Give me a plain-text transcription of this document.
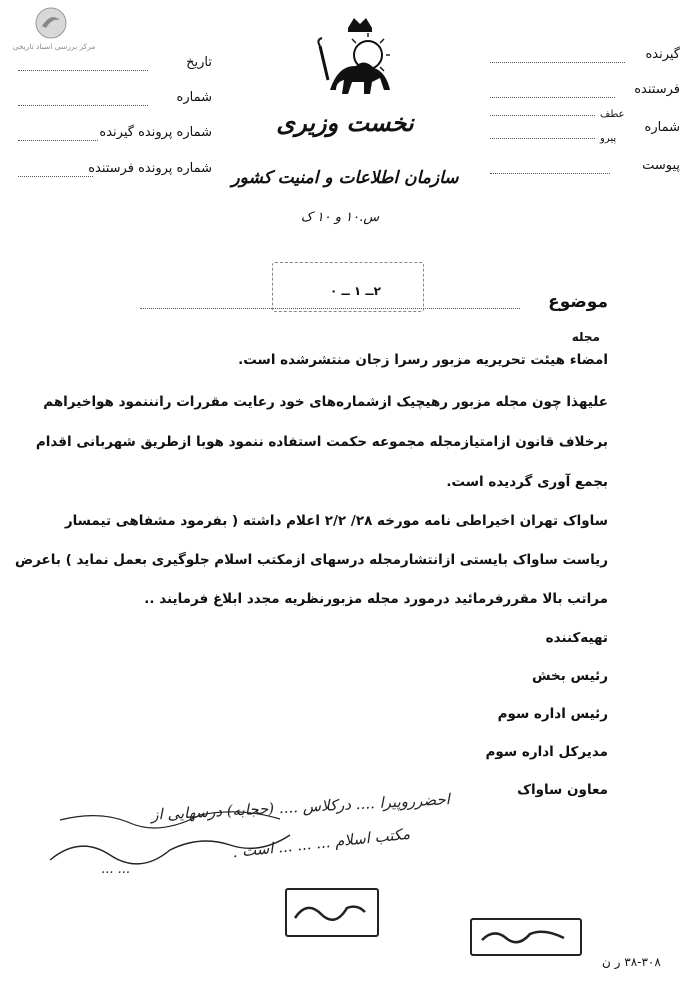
مرکز بررسی اسناد تاریخی
نخست وزیری
سازمان اطلاعات و امنیت کشور
س.۱۰ و ۱۰ ک
تاریخ
شماره
شماره پرونده گیرنده
شماره پرونده فرستنده
گیرنده
فرستنده
شماره
عطف
پیرو
پیوست
۲ــ ۱ ــ ۰
موضوع
مجله
امضاء هیئت تحریریه مزبور رسرا زجان منتشرشده است.
علیهذا چون مجله مزبور رهیچیک ازشماره‌های خود رعایت مقررات رانننمود هواخیراهم
برخلاف قانون ازامتیازمجله مجموعه حکمت استفاده ننمود هوبا ازطریق شهربانی اقدام
بجمع آوری گردیده است.
ساواک تهران اخیراطی نامه مورخه ۲۸/ ۲/۲ اعلام داشته ( بفرمود مشفاهی تیمسار
ریاست ساواک بایستی ازانتشارمجله درسهای ازمکتب اسلام جلوگیری بعمل نماید ) باعرض
مراتب بالا مقررفرمائید درمورد مجله مزبورنظریه مجدد ابلاغ فرمایند ..
تهیه‌کننده
رئیس بخش
رئیس اداره سوم
مدیرکل اداره سوم
معاون ساواک
احضرروپیرا .... درکلاس .... (حجابه) درسهایی از
مکتب اسلام ... ... ... است .
... ...
۳۸-۳۰۸ ر ن
